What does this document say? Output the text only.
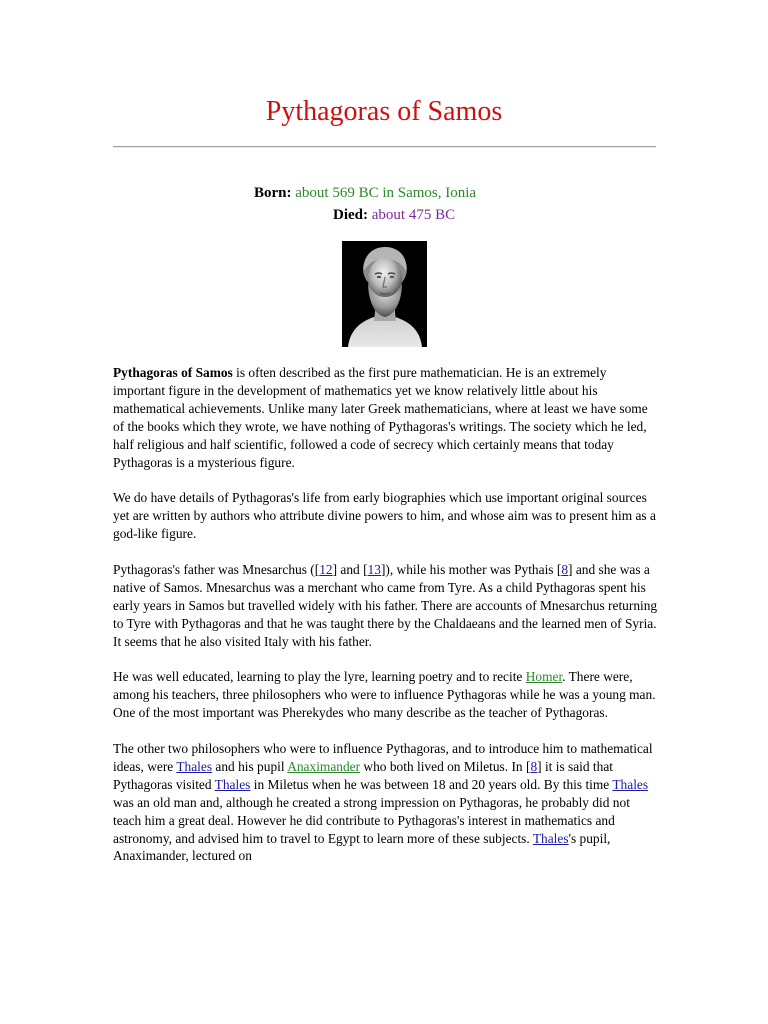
Pythagoras of Samos
Born: about 569 BC in Samos, Ionia
Died: about 475 BC

Pythagoras of Samos is often described as the first pure mathematician. He is an extremely important figure in the development of mathematics yet we know relatively little about his mathematical achievements. Unlike many later Greek mathematicians, where at least we have some of the books which they wrote, we have nothing of Pythagoras's writings. The society which he led, half religious and half scientific, followed a code of secrecy which certainly means that today Pythagoras is a mysterious figure.

We do have details of Pythagoras's life from early biographies which use important original sources yet are written by authors who attribute divine powers to him, and whose aim was to present him as a god-like figure.

Pythagoras's father was Mnesarchus ([12] and [13]), while his mother was Pythais [8] and she was a native of Samos. Mnesarchus was a merchant who came from Tyre. As a child Pythagoras spent his early years in Samos but travelled widely with his father. There are accounts of Mnesarchus returning to Tyre with Pythagoras and that he was taught there by the Chaldaeans and the learned men of Syria. It seems that he also visited Italy with his father.

He was well educated, learning to play the lyre, learning poetry and to recite Homer. There were, among his teachers, three philosophers who were to influence Pythagoras while he was a young man. One of the most important was Pherekydes who many describe as the teacher of Pythagoras.

The other two philosophers who were to influence Pythagoras, and to introduce him to mathematical ideas, were Thales and his pupil Anaximander who both lived on Miletus. In [8] it is said that Pythagoras visited Thales in Miletus when he was between 18 and 20 years old. By this time Thales was an old man and, although he created a strong impression on Pythagoras, he probably did not teach him a great deal. However he did contribute to Pythagoras's interest in mathematics and astronomy, and advised him to travel to Egypt to learn more of these subjects. Thales's pupil, Anaximander, lectured on
